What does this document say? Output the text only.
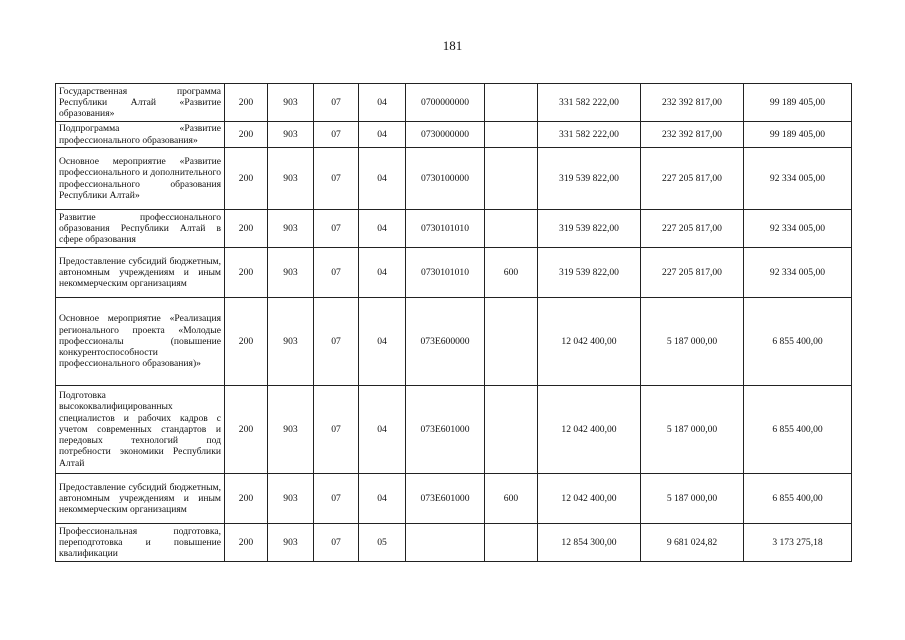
181
Государственная программа Республики Алтай «Развитие образования»	200	903	07	04	0700000000		331 582 222,00	232 392 817,00	99 189 405,00
Подпрограмма «Развитие профессионального образования»	200	903	07	04	0730000000		331 582 222,00	232 392 817,00	99 189 405,00
Основное мероприятие «Развитие профессионального и дополнительного профессионального образования Республики Алтай»	200	903	07	04	0730100000		319 539 822,00	227 205 817,00	92 334 005,00
Развитие профессионального образования Республики Алтай в сфере образования	200	903	07	04	0730101010		319 539 822,00	227 205 817,00	92 334 005,00
Предоставление субсидий бюджетным, автономным учреждениям и иным некоммерческим организациям	200	903	07	04	0730101010	600	319 539 822,00	227 205 817,00	92 334 005,00
Основное мероприятие «Реализация регионального проекта «Молодые профессионалы (повышение конкурентоспособности профессионального образования)»	200	903	07	04	073E600000		12 042 400,00	5 187 000,00	6 855 400,00
Подготовка высококвалифицированных специалистов и рабочих кадров с учетом современных стандартов и передовых технологий под потребности экономики Республики Алтай	200	903	07	04	073E601000		12 042 400,00	5 187 000,00	6 855 400,00
Предоставление субсидий бюджетным, автономным учреждениям и иным некоммерческим организациям	200	903	07	04	073E601000	600	12 042 400,00	5 187 000,00	6 855 400,00
Профессиональная подготовка, переподготовка и повышение квалификации	200	903	07	05			12 854 300,00	9 681 024,82	3 173 275,18
